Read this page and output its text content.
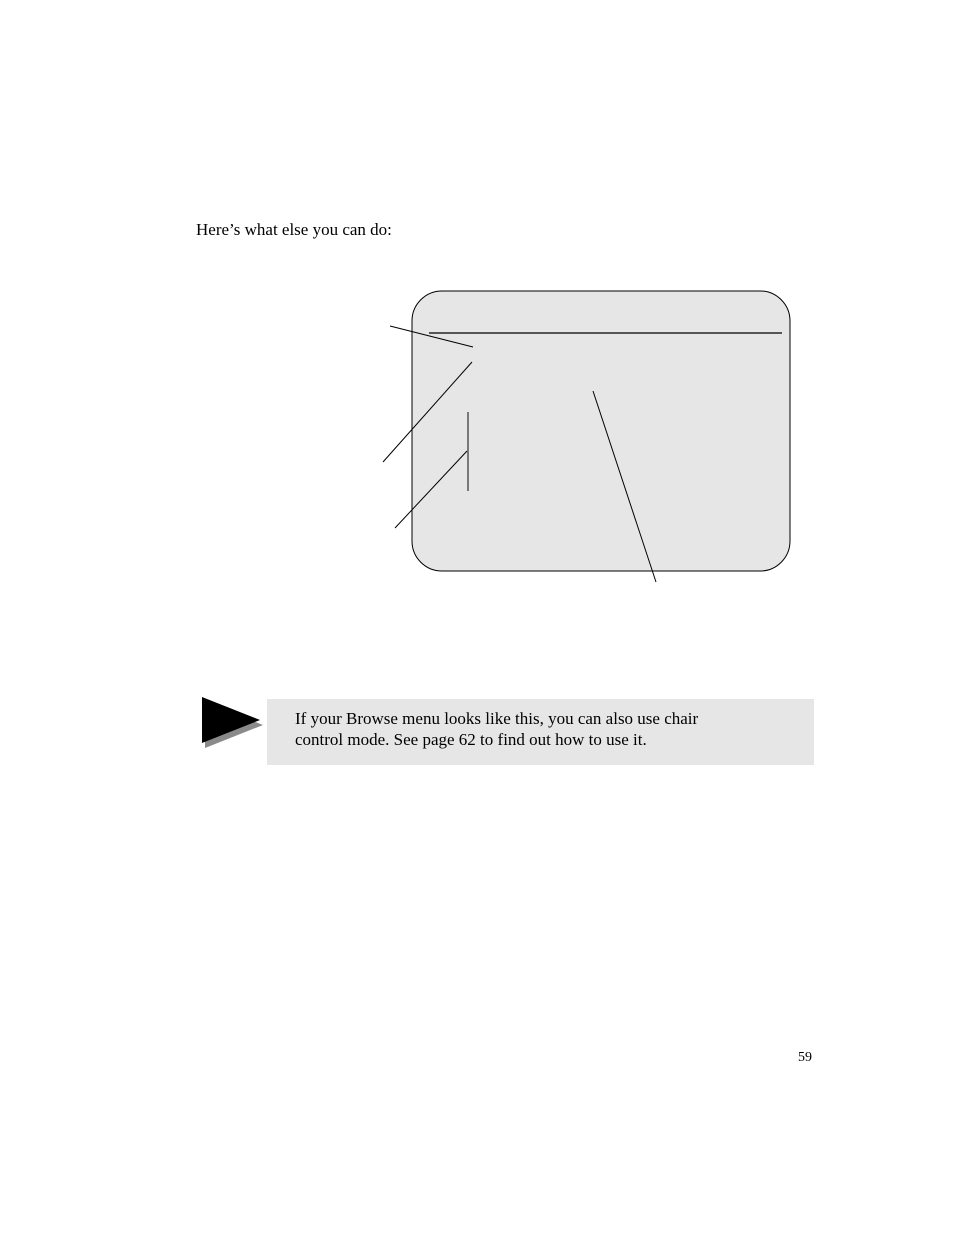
Here’s what else you can do:

If your Browse menu looks like this, you can also use chair
control mode. See page 62 to find out how to use it.

59
